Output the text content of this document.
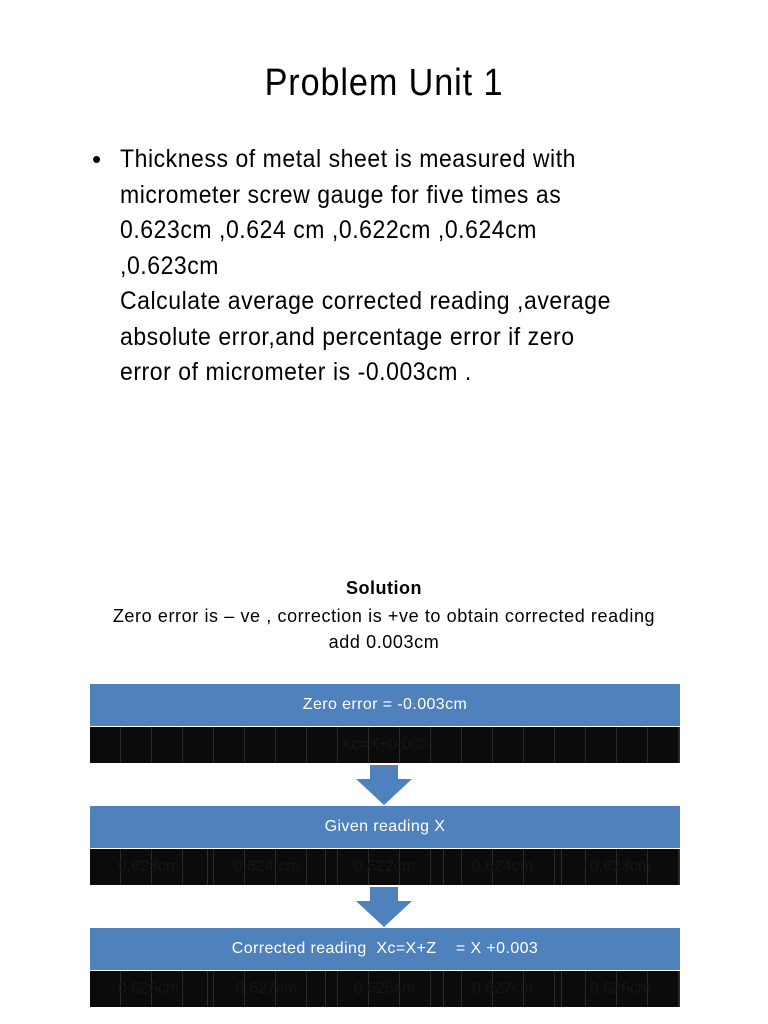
Problem Unit 1
• Thickness of metal sheet is measured with
micrometer screw gauge for five times as
0.623cm ,0.624 cm ,0.622cm ,0.624cm ,0.623cm
Calculate average corrected reading ,average
absolute error,and percentage error if zero
error of micrometer is -0.003cm .
Solution
Zero error is – ve , correction is +ve to obtain corrected reading add 0.003cm
Zero error = -0.003cm
Xc=X+0.003
Given reading X
0.623cm	0.624 cm	0.622cm	0.624cm	0.623cm
Corrected reading  Xc=X+Z    = X +0.003
0.626cm	0.627cm	0.625cm	0.627cm	0.626cm
